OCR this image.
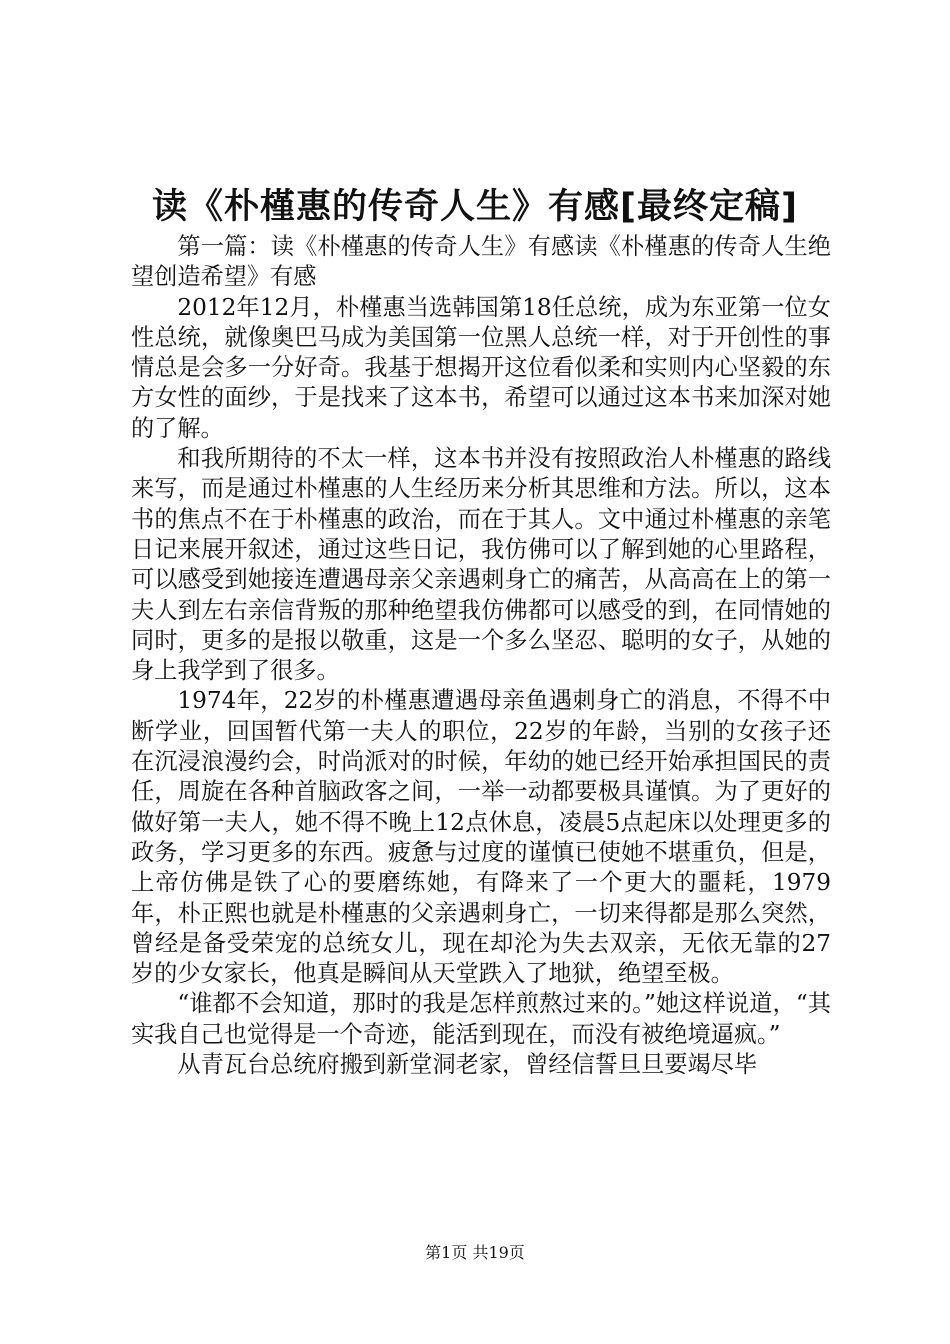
读《朴槿惠的传奇人生》有感[最终定稿]

第一篇：读《朴槿惠的传奇人生》有感读《朴槿惠的传奇人生绝望创造希望》有感

2012年12月，朴槿惠当选韩国第18任总统，成为东亚第一位女性总统，就像奥巴马成为美国第一位黑人总统一样，对于开创性的事情总是会多一分好奇。我基于想揭开这位看似柔和实则内心坚毅的东方女性的面纱，于是找来了这本书，希望可以通过这本书来加深对她的了解。

和我所期待的不太一样，这本书并没有按照政治人朴槿惠的路线来写，而是通过朴槿惠的人生经历来分析其思维和方法。所以，这本书的焦点不在于朴槿惠的政治，而在于其人。文中通过朴槿惠的亲笔日记来展开叙述，通过这些日记，我仿佛可以了解到她的心里路程，可以感受到她接连遭遇母亲父亲遇刺身亡的痛苦，从高高在上的第一夫人到左右亲信背叛的那种绝望我仿佛都可以感受的到，在同情她的同时，更多的是报以敬重，这是一个多么坚忍、聪明的女子，从她的身上我学到了很多。

1974年，22岁的朴槿惠遭遇母亲鱼遇刺身亡的消息，不得不中断学业，回国暂代第一夫人的职位，22岁的年龄，当别的女孩子还在沉浸浪漫约会，时尚派对的时候，年幼的她已经开始承担国民的责任，周旋在各种首脑政客之间，一举一动都要极具谨慎。为了更好的做好第一夫人，她不得不晚上12点休息，凌晨5点起床以处理更多的政务，学习更多的东西。疲惫与过度的谨慎已使她不堪重负，但是，上帝仿佛是铁了心的要磨练她，有降来了一个更大的噩耗，1979年，朴正熙也就是朴槿惠的父亲遇刺身亡，一切来得都是那么突然，曾经是备受荣宠的总统女儿，现在却沦为失去双亲，无依无靠的27岁的少女家长，他真是瞬间从天堂跌入了地狱，绝望至极。

“谁都不会知道，那时的我是怎样煎熬过来的。”她这样说道，“其实我自己也觉得是一个奇迹，能活到现在，而没有被绝境逼疯。”

从青瓦台总统府搬到新堂洞老家，曾经信誓旦旦要竭尽毕

第1页 共19页
